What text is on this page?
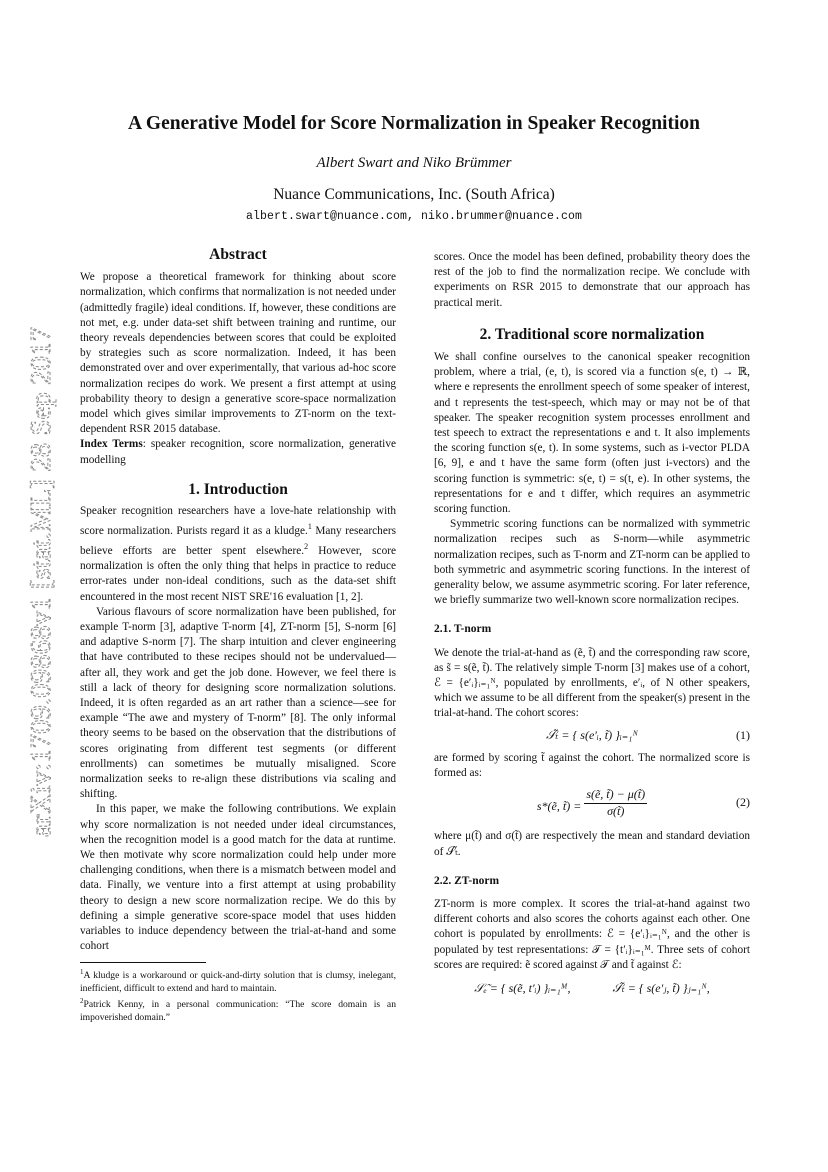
arXiv:1709.09868v1 [stat.ML] 28 Sep 2017
A Generative Model for Score Normalization in Speaker Recognition
Albert Swart and Niko Brümmer
Nuance Communications, Inc. (South Africa)
albert.swart@nuance.com, niko.brummer@nuance.com

Abstract

We propose a theoretical framework for thinking about score normalization, which confirms that normalization is not needed under (admittedly fragile) ideal conditions. If, however, these conditions are not met, e.g. under data-set shift between training and runtime, our theory reveals dependencies between scores that could be exploited by strategies such as score normalization. Indeed, it has been demonstrated over and over experimentally, that various ad-hoc score normalization recipes do work. We present a first attempt at using probability theory to design a generative score-space normalization model which gives similar improvements to ZT-norm on the text-dependent RSR 2015 database.

Index Terms: speaker recognition, score normalization, generative modelling

1. Introduction

Speaker recognition researchers have a love-hate relationship with score normalization. Purists regard it as a kludge.$^1$ Many researchers believe efforts are better spent elsewhere.$^2$ However, score normalization is often the only thing that helps in practice to reduce error-rates under non-ideal conditions, such as the data-set shift encountered in the most recent NIST SRE'16 evaluation [1, 2].

Various flavours of score normalization have been published, for example T-norm [3], adaptive T-norm [4], ZT-norm [5], S-norm [6] and adaptive S-norm [7]. The sharp intuition and clever engineering that have contributed to these recipes should not be undervalued—after all, they work and get the job done. However, we feel there is still a lack of theory for designing score normalization solutions. Indeed, it is often regarded as an art rather than a science—see for example “The awe and mystery of T-norm” [8]. The only informal theory seems to be based on the observation that the distributions of scores originating from different test segments (or different enrollments) can sometimes be mutually misaligned. Score normalization seeks to re-align these distributions via scaling and shifting.

In this paper, we make the following contributions. We explain why score normalization is not needed under ideal circumstances, when the recognition model is a good match for the data at runtime. We then motivate why score normalization could help under more challenging conditions, when there is a mismatch between model and data. Finally, we venture into a first attempt at using probability theory to design a new score normalization recipe. We do this by defining a simple generative score-space model that uses hidden variables to induce dependency between the trial-at-hand and some cohort

$^1$A kludge is a workaround or quick-and-dirty solution that is clumsy, inelegant, inefficient, difficult to extend and hard to maintain.

$^2$Patrick Kenny, in a personal communication: “The score domain is an impoverished domain.”

scores. Once the model has been defined, probability theory does the rest of the job to find the normalization recipe. We conclude with experiments on RSR 2015 to demonstrate that our approach has practical merit.

2. Traditional score normalization

We shall confine ourselves to the canonical speaker recognition problem, where a trial, (e, t), is scored via a function s(e, t) → ℝ, where e represents the enrollment speech of some speaker of interest, and t represents the test-speech, which may or may not be of that speaker. The speaker recognition system processes enrollment and test speech to extract the representations e and t. It also implements the scoring function s(e, t). In some systems, such as i-vector PLDA [6, 9], e and t have the same form (often just i-vectors) and the scoring function is symmetric: s(e, t) = s(t, e). In other systems, the representations for e and t differ, which requires an asymmetric scoring function.

Symmetric scoring functions can be normalized with symmetric normalization recipes such as S-norm—while asymmetric normalization recipes, such as T-norm and ZT-norm can be applied to both symmetric and asymmetric scoring functions. In the interest of generality below, we assume asymmetric scoring. For later reference, we briefly summarize two well-known score normalization recipes.

2.1. T-norm

We denote the trial-at-hand as (ẽ, t̃) and the corresponding raw score, as s̃ = s(ẽ, t̃). The relatively simple T-norm [3] makes use of a cohort, ℰ = {e′ᵢ}ᵢ₌₁ᴺ, populated by enrollments, e′ᵢ, of N other speakers, which we assume to be all different from the speaker(s) present in the trial-at-hand. The cohort scores:

𝒮ₜ̃ = { s(e′ᵢ, t̃) }ᵢ₌₁ᴺ	(1)

are formed by scoring t̃ against the cohort. The normalized score is formed as:

s*(ẽ, t̃) = $\frac{\text{s(ẽ, t̃) − μ(t̃)}}{\sigma(t̃)}$	(2)

where μ(t̃) and σ(t̃) are respectively the mean and standard deviation of 𝒮ₜ̃.

2.2. ZT-norm

ZT-norm is more complex. It scores the trial-at-hand against two different cohorts and also scores the cohorts against each other. One cohort is populated by enrollments: ℰ = {e′ᵢ}ᵢ₌₁ᴺ, and the other is populated by test representations: 𝒯 = {t′ᵢ}ᵢ₌₁ᴹ. Three sets of cohort scores are required: ẽ scored against 𝒯 and t̃ against ℰ:

𝒮ₑ̃ = { s(ẽ, t′ᵢ) }ᵢ₌₁ᴹ,	𝒮ₜ̃ = { s(e′ⱼ, t̃) }ⱼ₌₁ᴺ,
